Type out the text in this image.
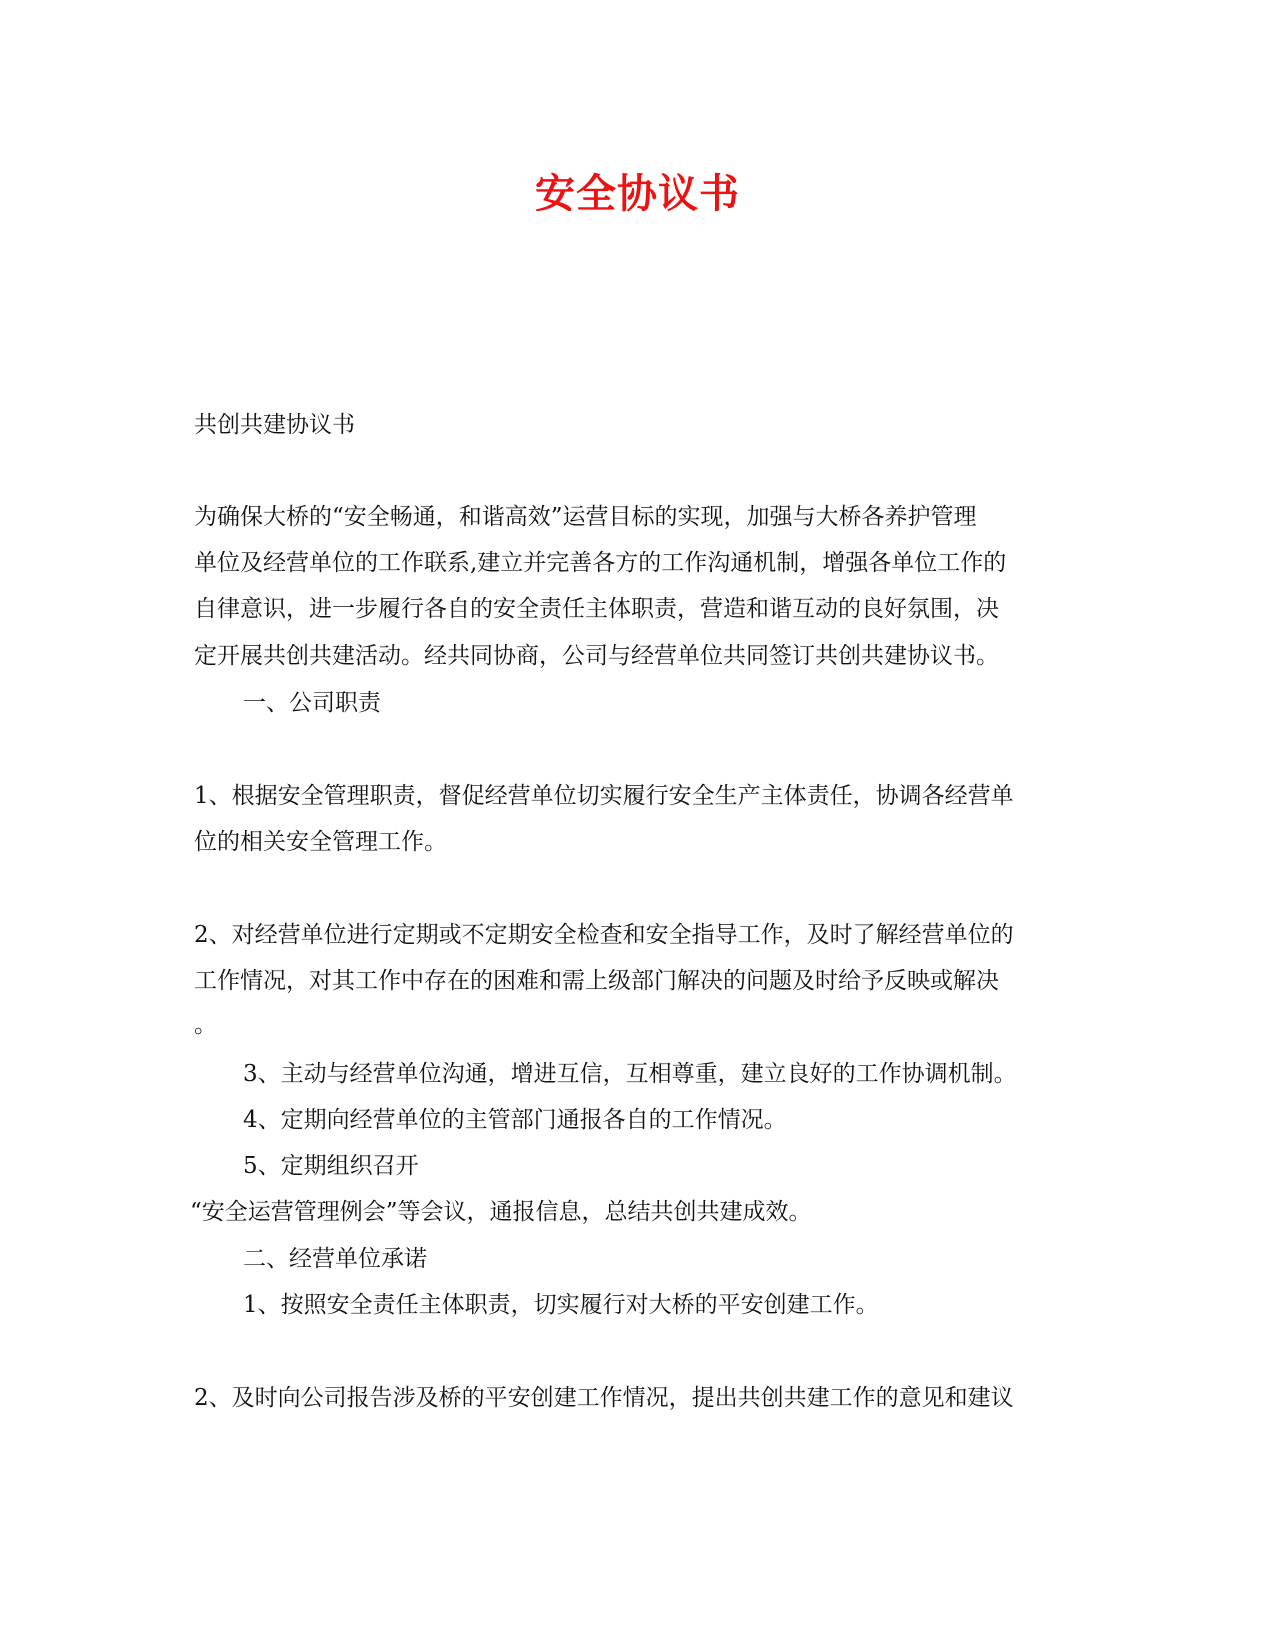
安全协议书
共创共建协议书
为确保大桥的“安全畅通，和谐高效”运营目标的实现，加强与大桥各养护管理
单位及经营单位的工作联系,建立并完善各方的工作沟通机制，增强各单位工作的
自律意识，进一步履行各自的安全责任主体职责，营造和谐互动的良好氛围，决
定开展共创共建活动。经共同协商，公司与经营单位共同签订共创共建协议书。
一、公司职责
1、根据安全管理职责，督促经营单位切实履行安全生产主体责任，协调各经营单
位的相关安全管理工作。
2、对经营单位进行定期或不定期安全检查和安全指导工作，及时了解经营单位的
工作情况，对其工作中存在的困难和需上级部门解决的问题及时给予反映或解决
。
3、主动与经营单位沟通，增进互信，互相尊重，建立良好的工作协调机制。
4、定期向经营单位的主管部门通报各自的工作情况。
5、定期组织召开
“安全运营管理例会”等会议，通报信息，总结共创共建成效。
二、经营单位承诺
1、按照安全责任主体职责，切实履行对大桥的平安创建工作。
2、及时向公司报告涉及桥的平安创建工作情况，提出共创共建工作的意见和建议
